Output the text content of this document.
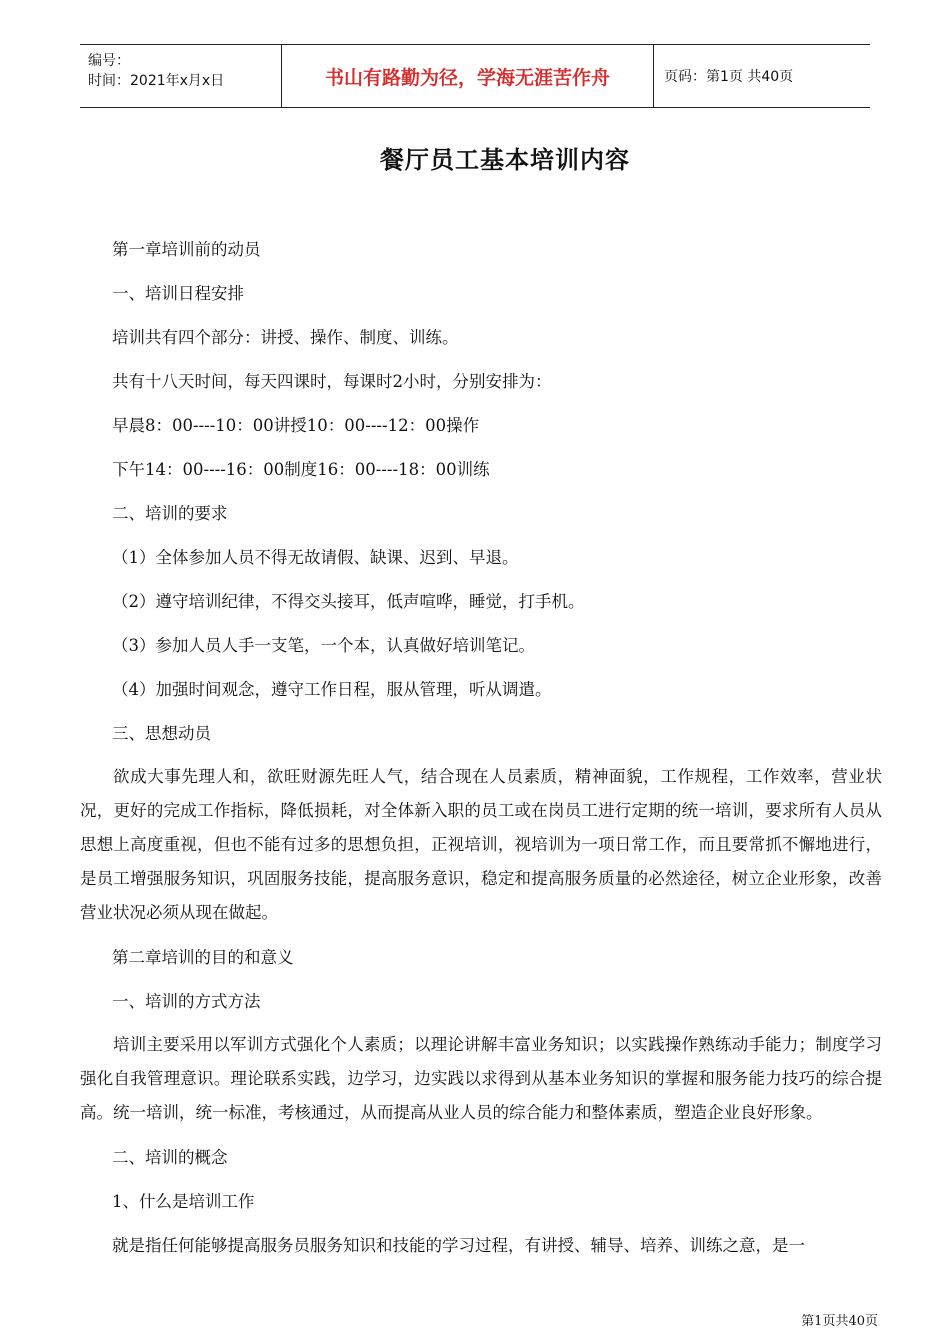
编号：
时间：2021年x月x日	书山有路勤为径，学海无涯苦作舟	页码：第1页 共40页
餐厅员工基本培训内容
第一章培训前的动员
一、培训日程安排
培训共有四个部分：讲授、操作、制度、训练。
共有十八天时间，每天四课时，每课时2小时，分别安排为：
早晨8：00----10：00讲授10：00----12：00操作
下午14：00----16：00制度16：00----18：00训练
二、培训的要求
（1）全体参加人员不得无故请假、缺课、迟到、早退。
（2）遵守培训纪律，不得交头接耳，低声喧哗，睡觉，打手机。
（3）参加人员人手一支笔，一个本，认真做好培训笔记。
（4）加强时间观念，遵守工作日程，服从管理，听从调遣。
三、思想动员
欲成大事先理人和，欲旺财源先旺人气，结合现在人员素质，精神面貌，工作规程，工作效率，营业状况，更好的完成工作指标，降低损耗，对全体新入职的员工或在岗员工进行定期的统一培训，要求所有人员从思想上高度重视，但也不能有过多的思想负担，正视培训，视培训为一项日常工作，而且要常抓不懈地进行，是员工增强服务知识，巩固服务技能，提高服务意识，稳定和提高服务质量的必然途径，树立企业形象，改善营业状况必须从现在做起。
第二章培训的目的和意义
一、培训的方式方法
培训主要采用以军训方式强化个人素质；以理论讲解丰富业务知识；以实践操作熟练动手能力；制度学习强化自我管理意识。理论联系实践，边学习，边实践以求得到从基本业务知识的掌握和服务能力技巧的综合提高。统一培训，统一标准，考核通过，从而提高从业人员的综合能力和整体素质，塑造企业良好形象。
二、培训的概念
1、什么是培训工作
就是指任何能够提高服务员服务知识和技能的学习过程，有讲授、辅导、培养、训练之意，是一
第1页共40页
